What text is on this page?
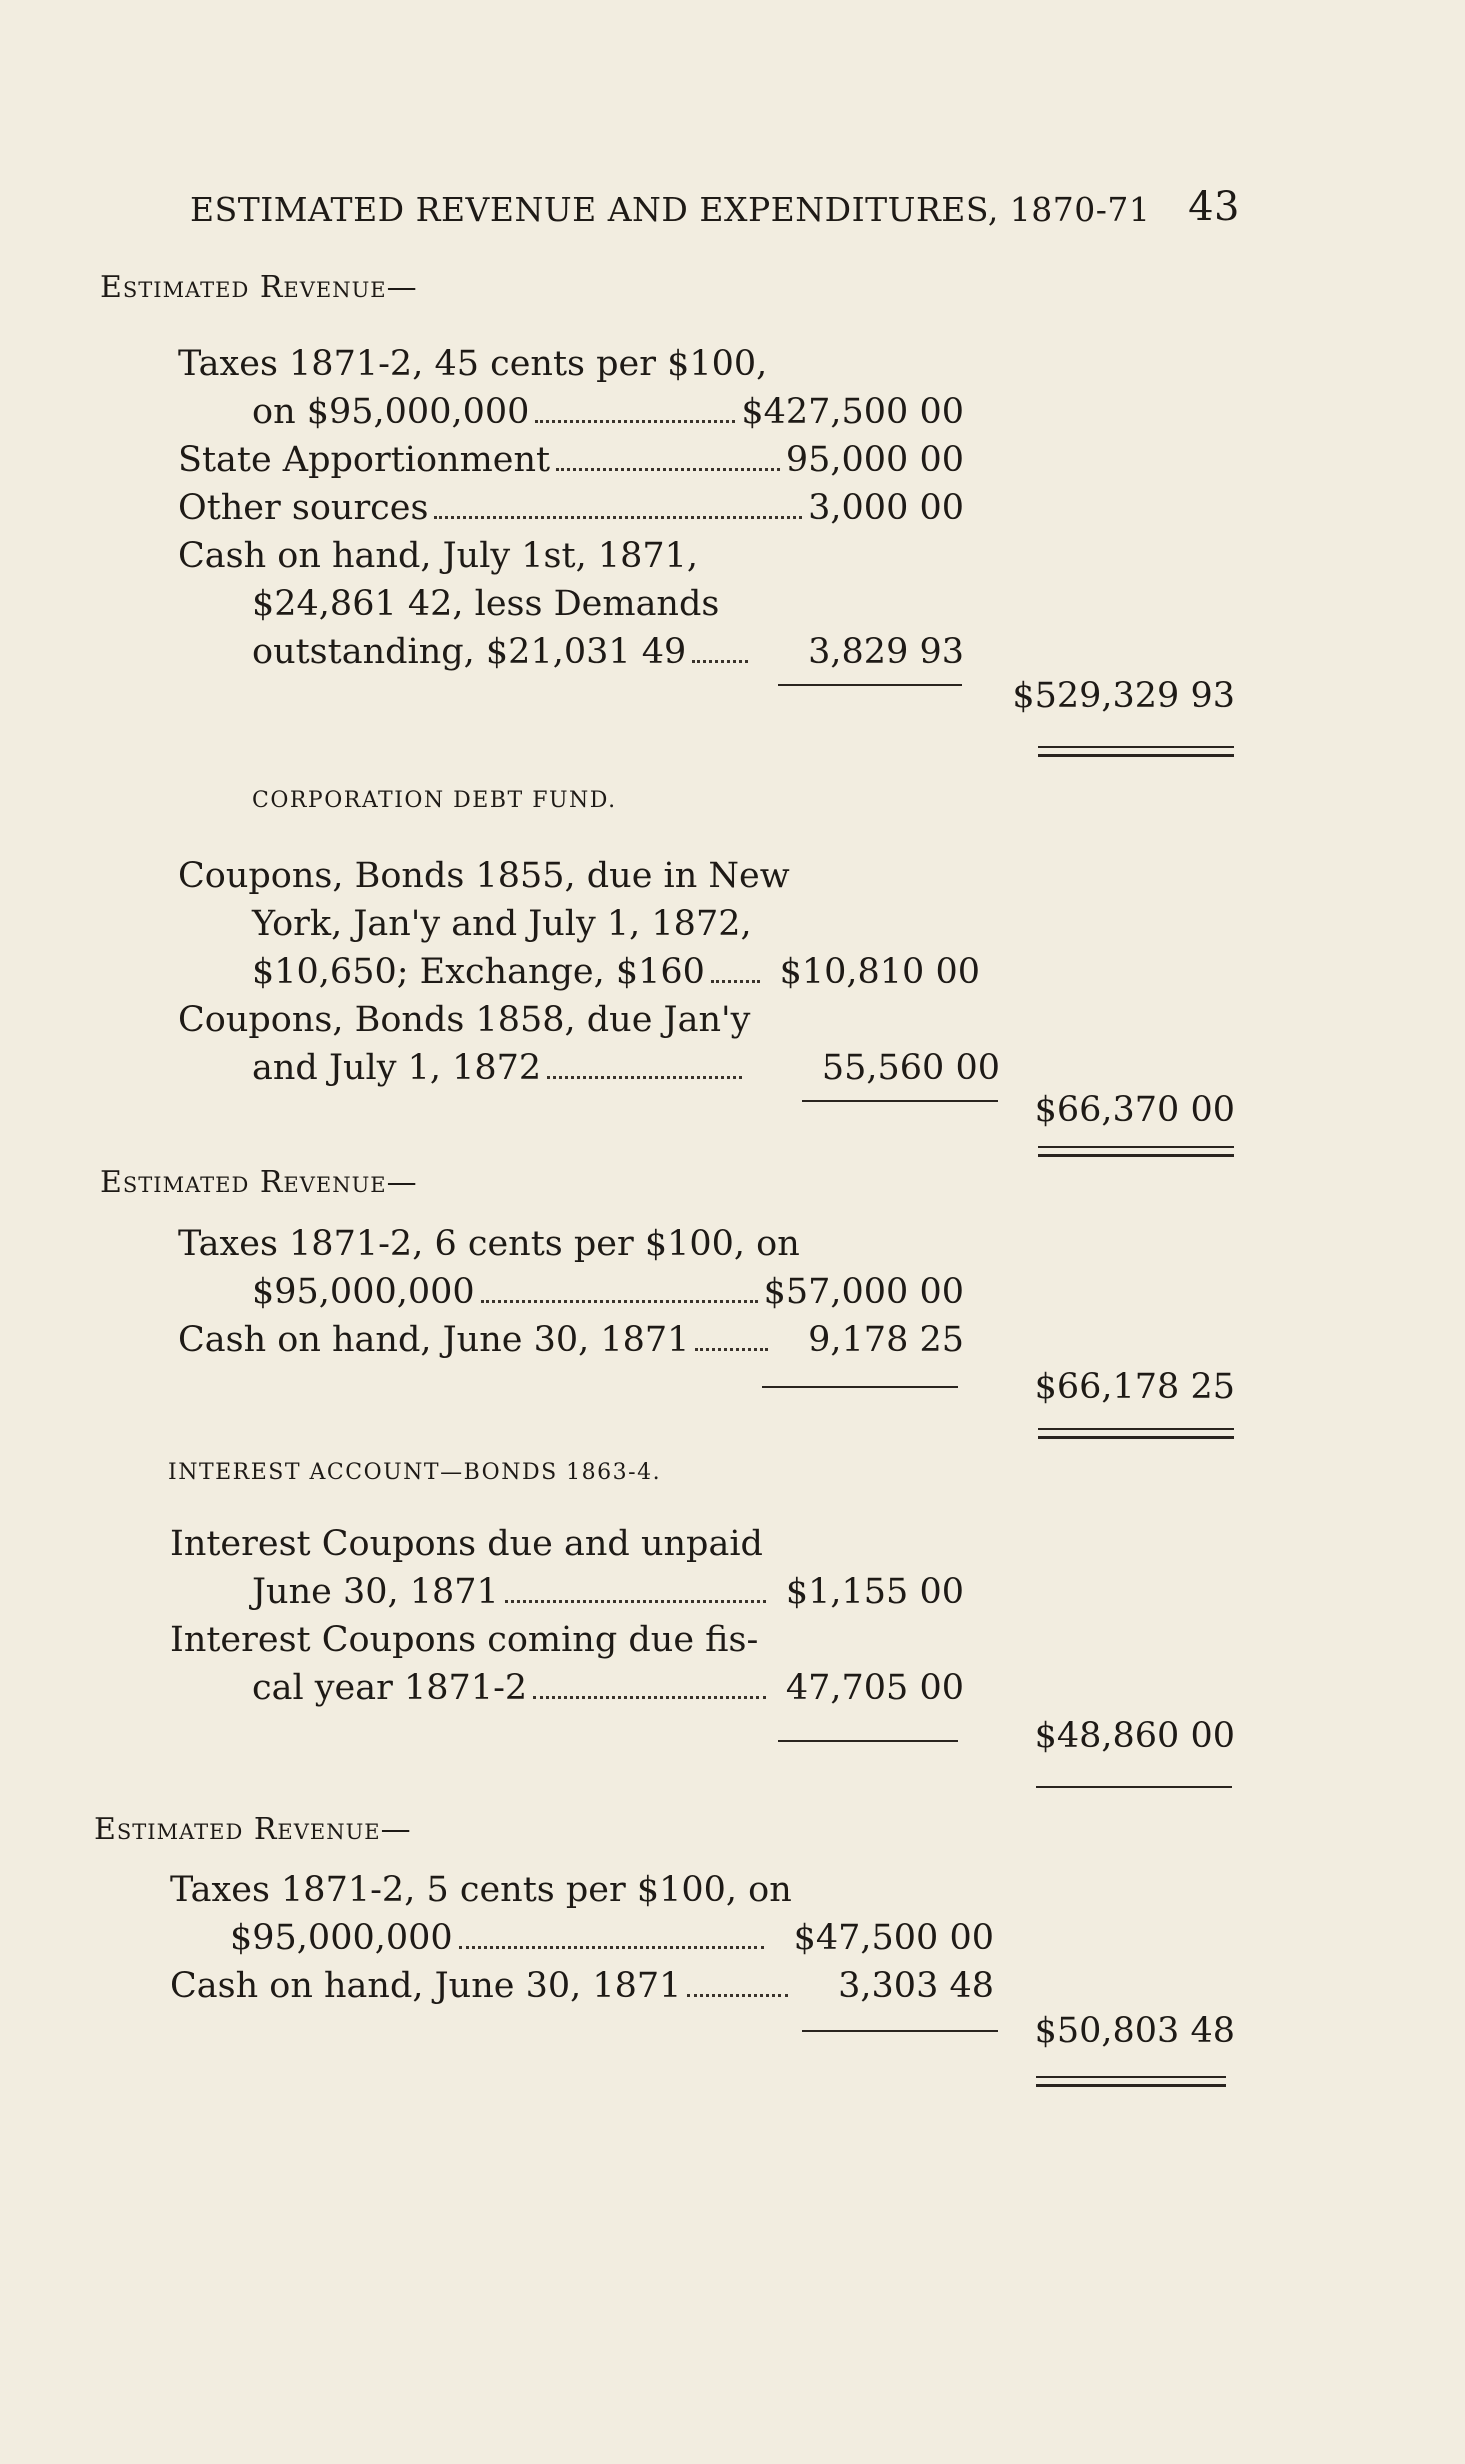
ESTIMATED REVENUE AND EXPENDITURES, 1870-71 43
Estimated Revenue—
Taxes 1871-2, 45 cents per $100,
on $95,000,000	$427,500 00
State Apportionment	95,000 00
Other sources	3,000 00
Cash on hand, July 1st, 1871,
$24,861 42, less Demands
outstanding, $21,031 49	3,829 93
$529,329 93
CORPORATION DEBT FUND.
Coupons, Bonds 1855, due in New
York, Jan'y and July 1, 1872,
$10,650; Exchange, $160 $10,810 00
Coupons, Bonds 1858, due Jan'y
and July 1, 1872	55,560 00
$66,370 00
Estimated Revenue—
Taxes 1871-2, 6 cents per $100, on
$95,000,000	$57,000 00
Cash on hand, June 30, 1871	9,178 25
$66,178 25
INTEREST ACCOUNT—BONDS 1863-4.
Interest Coupons due and unpaid
June 30, 1871	$1,155 00
Interest Coupons coming due fis-
cal year 1871-2	47,705 00
$48,860 00
Estimated Revenue—
Taxes 1871-2, 5 cents per $100, on
$95,000,000	$47,500 00
Cash on hand, June 30, 1871	3,303 48
$50,803 48
